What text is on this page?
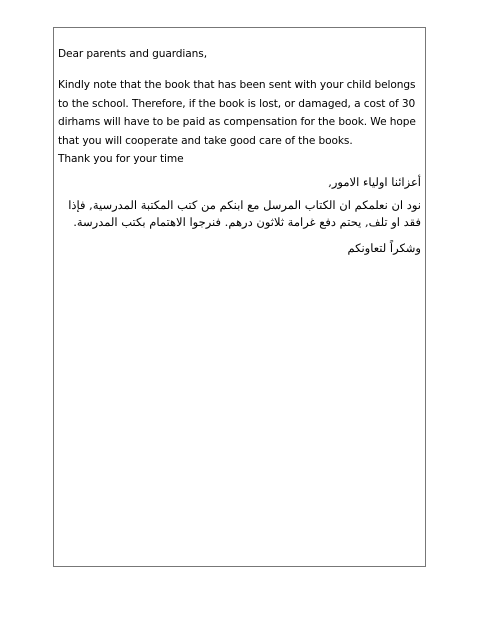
Dear parents and guardians,

Kindly note that the book that has been sent with your child belongs to the school. Therefore, if the book is lost, or damaged, a cost of 30 dirhams will have to be paid as compensation for the book. We hope that you will cooperate and take good care of the books.

Thank you for your time

أعزائنا اولياء الامور,

نود ان نعلمكم ان الكتاب المرسل مع ابنكم من كتب المكتبة المدرسية, فإذا فقد او تلف, يحتم دفع غرامة ثلاثون درهم. فنرجوا الاهتمام بكتب المدرسة.

وشكراً لتعاونكم
